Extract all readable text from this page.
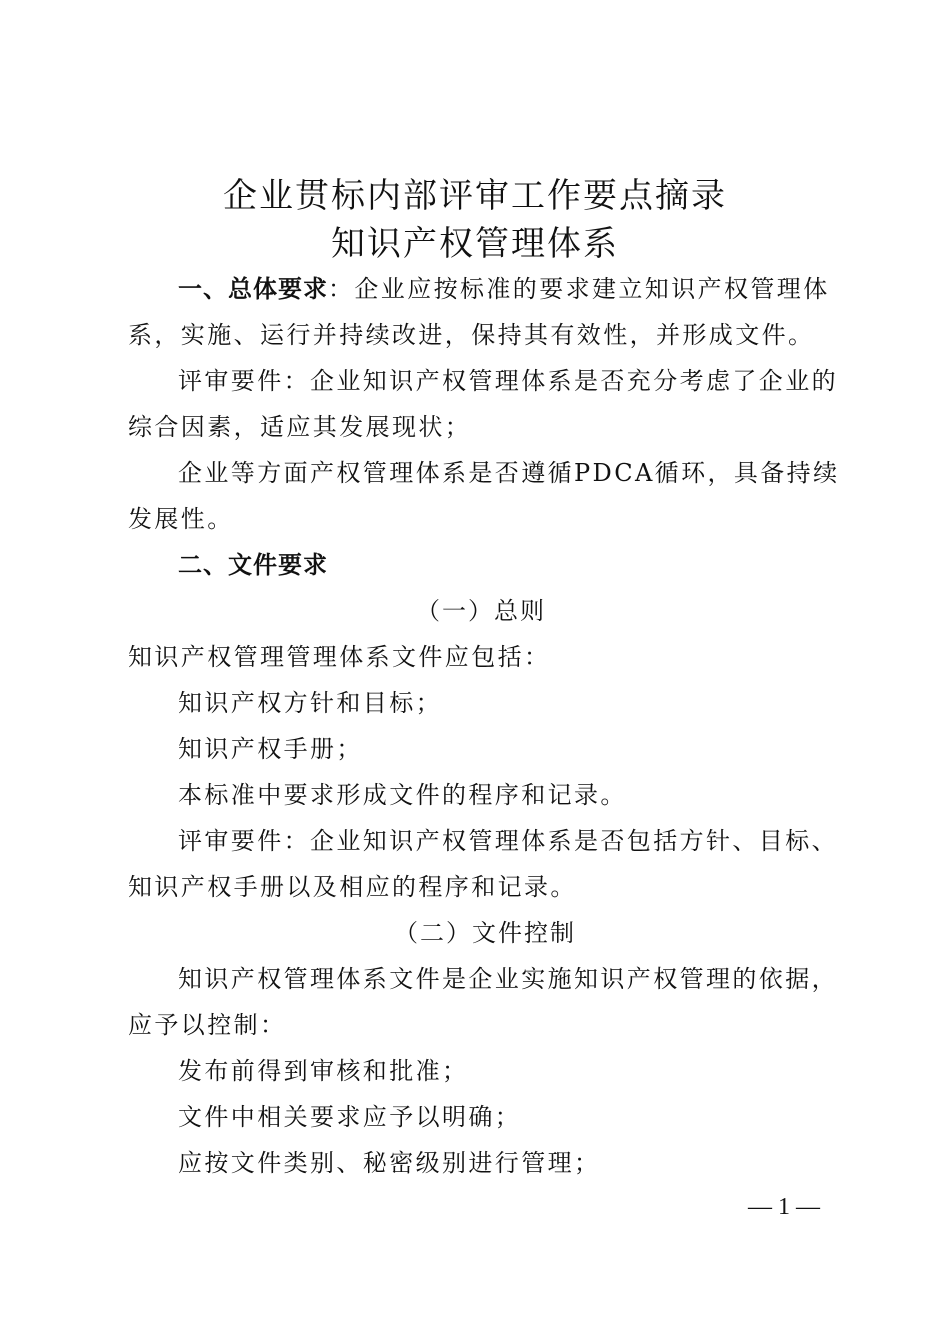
企业贯标内部评审工作要点摘录
知识产权管理体系
一、总体要求：企业应按标准的要求建立知识产权管理体
系，实施、运行并持续改进，保持其有效性，并形成文件。
评审要件：企业知识产权管理体系是否充分考虑了企业的
综合因素，适应其发展现状；
企业等方面产权管理体系是否遵循PDCA循环，具备持续
发展性。
二、文件要求
（一）总则
知识产权管理管理体系文件应包括：
知识产权方针和目标；
知识产权手册；
本标准中要求形成文件的程序和记录。
评审要件：企业知识产权管理体系是否包括方针、目标、
知识产权手册以及相应的程序和记录。
（二）文件控制
知识产权管理体系文件是企业实施知识产权管理的依据，
应予以控制：
发布前得到审核和批准；
文件中相关要求应予以明确；
应按文件类别、秘密级别进行管理；
— 1 —
